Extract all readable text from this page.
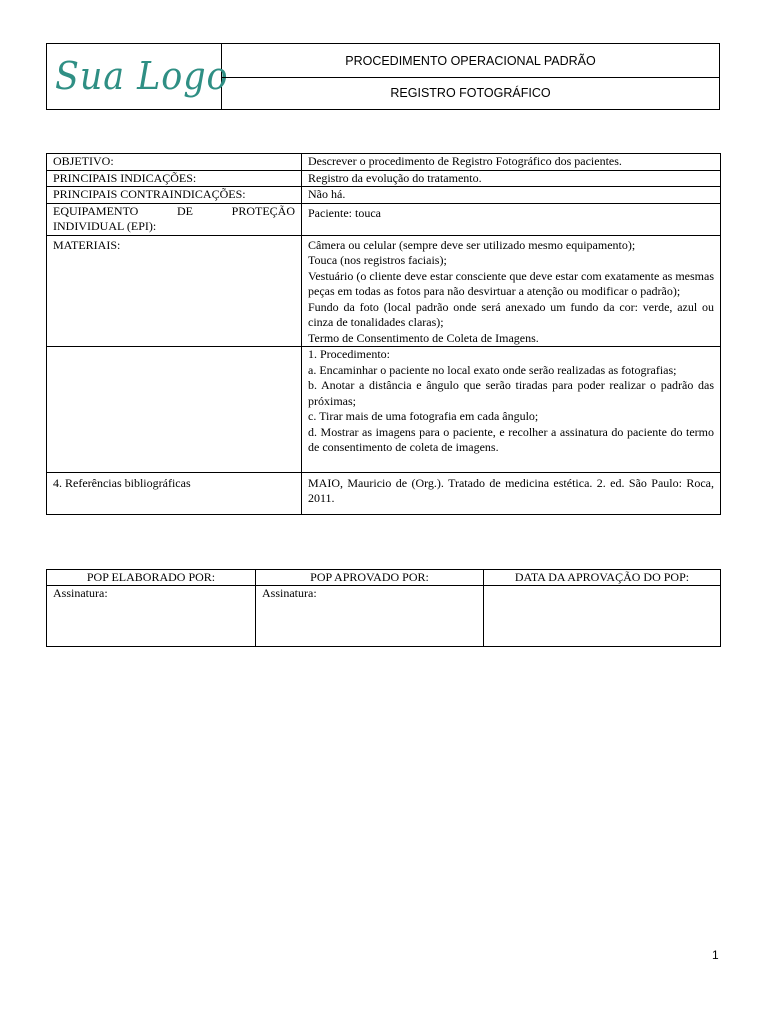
Sua Logo	PROCEDIMENTO OPERACIONAL PADRÃO
REGISTRO FOTOGRÁFICO
OBJETIVO:	Descrever o procedimento de Registro Fotográfico dos pacientes.
PRINCIPAIS INDICAÇÕES:	Registro da evolução do tratamento.
PRINCIPAIS CONTRAINDICAÇÕES:	Não há.
EQUIPAMENTO DE PROTEÇÃO INDIVIDUAL (EPI):	Paciente: touca
MATERIAIS:	Câmera ou celular (sempre deve ser utilizado mesmo equipamento);
Touca (nos registros faciais);
Vestuário (o cliente deve estar consciente que deve estar com exatamente as mesmas peças em todas as fotos para não desvirtuar a atenção ou modificar o padrão);
Fundo da foto (local padrão onde será anexado um fundo da cor: verde, azul ou cinza de tonalidades claras);
Termo de Consentimento de Coleta de Imagens.

	1. Procedimento:
a. Encaminhar o paciente no local exato onde serão realizadas as fotografias;
b. Anotar a distância e ângulo que serão tiradas para poder realizar o padrão das próximas;
c. Tirar mais de uma fotografia em cada ângulo;
d. Mostrar as imagens para o paciente, e recolher a assinatura do paciente do termo de consentimento de coleta de imagens.

4. Referências bibliográficas	MAIO, Mauricio de (Org.). Tratado de medicina estética. 2. ed. São Paulo: Roca, 2011.
POP ELABORADO POR:	POP APROVADO POR:	DATA DA APROVAÇÃO DO POP:
Assinatura:	Assinatura:	
1
